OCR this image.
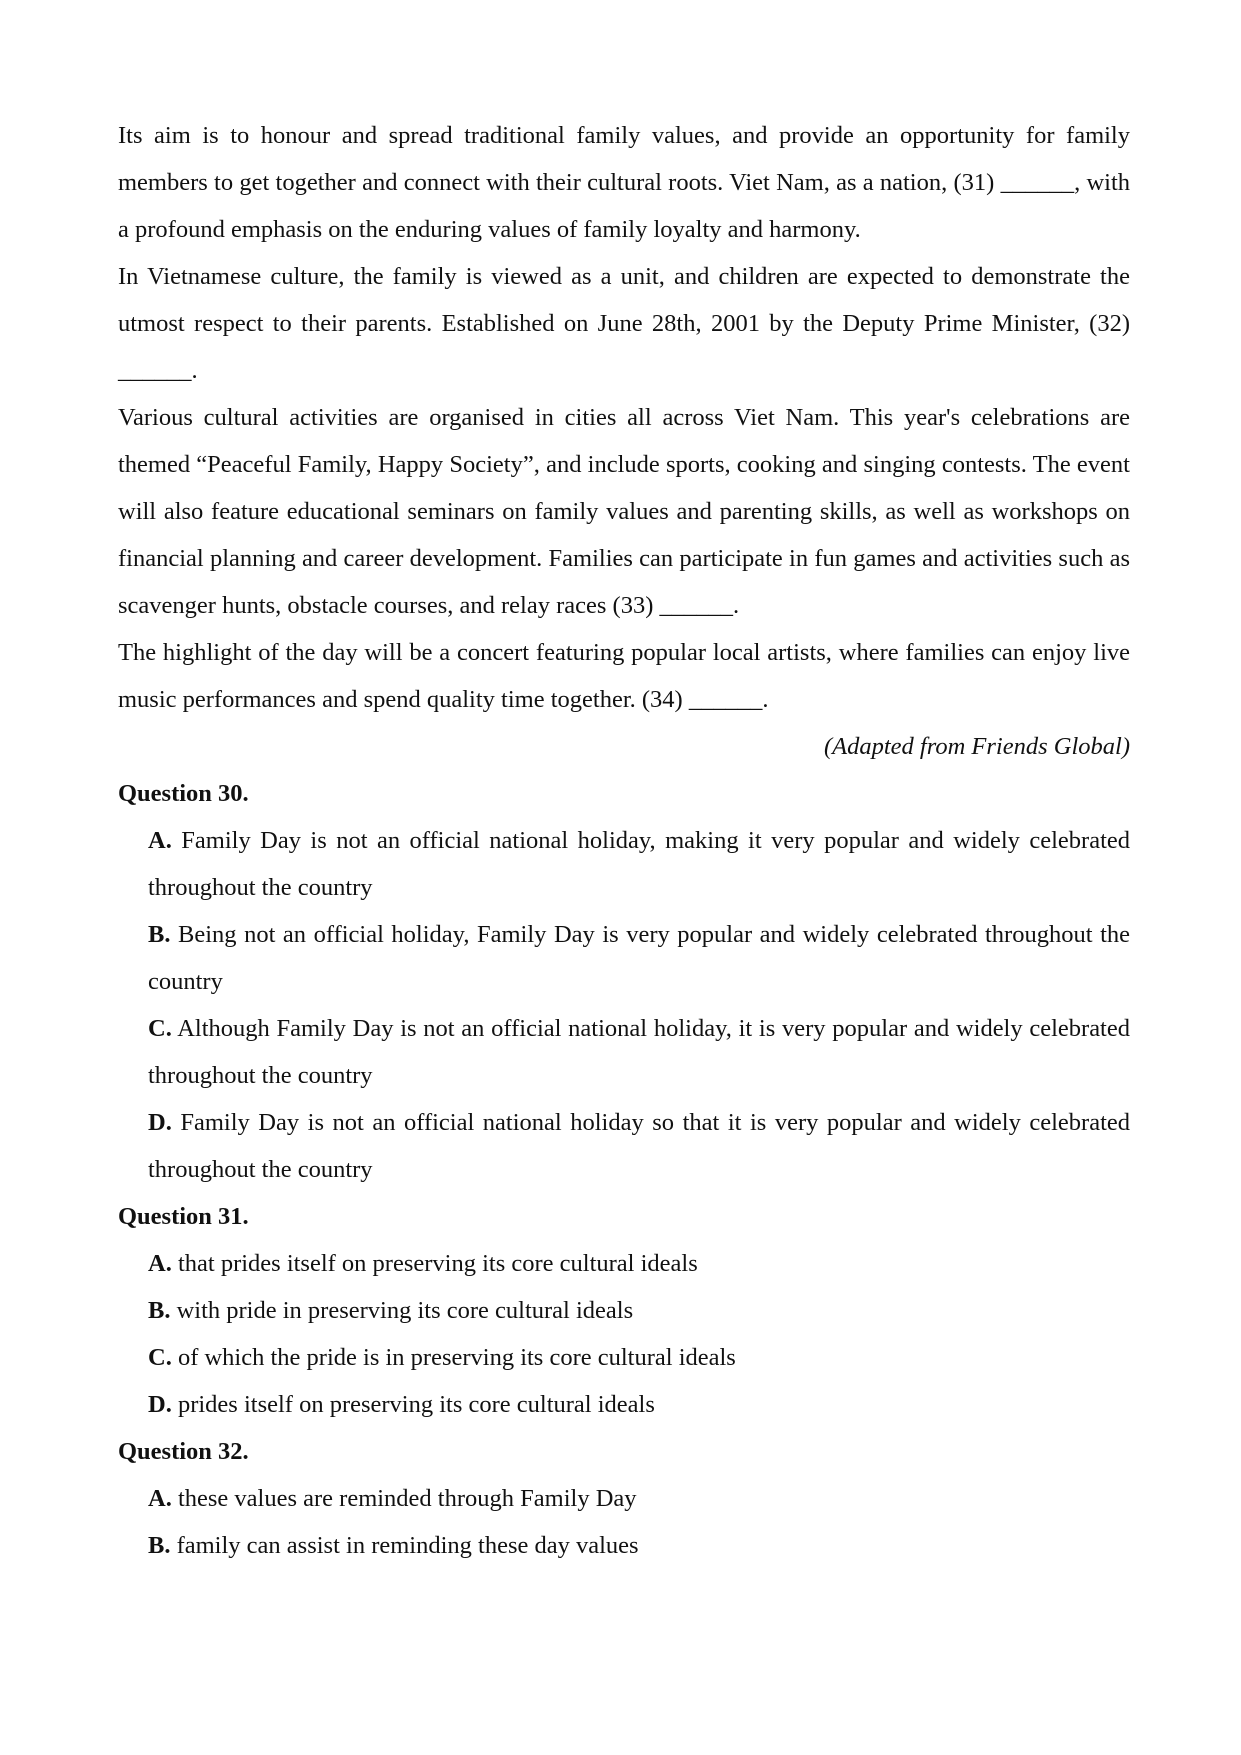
Its aim is to honour and spread traditional family values, and provide an opportunity for family members to get together and connect with their cultural roots. Viet Nam, as a nation, (31) ______, with a profound emphasis on the enduring values of family loyalty and harmony.

In Vietnamese culture, the family is viewed as a unit, and children are expected to demonstrate the utmost respect to their parents. Established on June 28th, 2001 by the Deputy Prime Minister, (32) ______.

Various cultural activities are organised in cities all across Viet Nam. This year's celebrations are themed “Peaceful Family, Happy Society”, and include sports, cooking and singing contests. The event will also feature educational seminars on family values and parenting skills, as well as workshops on financial planning and career development. Families can participate in fun games and activities such as scavenger hunts, obstacle courses, and relay races (33) ______.

The highlight of the day will be a concert featuring popular local artists, where families can enjoy live music performances and spend quality time together. (34) ______.

(Adapted from Friends Global)

Question 30.

A. Family Day is not an official national holiday, making it very popular and widely celebrated throughout the country

B. Being not an official holiday, Family Day is very popular and widely celebrated throughout the country

C. Although Family Day is not an official national holiday, it is very popular and widely celebrated throughout the country

D. Family Day is not an official national holiday so that it is very popular and widely celebrated throughout the country

Question 31.

A. that prides itself on preserving its core cultural ideals

B. with pride in preserving its core cultural ideals

C. of which the pride is in preserving its core cultural ideals

D. prides itself on preserving its core cultural ideals

Question 32.

A. these values are reminded through Family Day

B. family can assist in reminding these day values
